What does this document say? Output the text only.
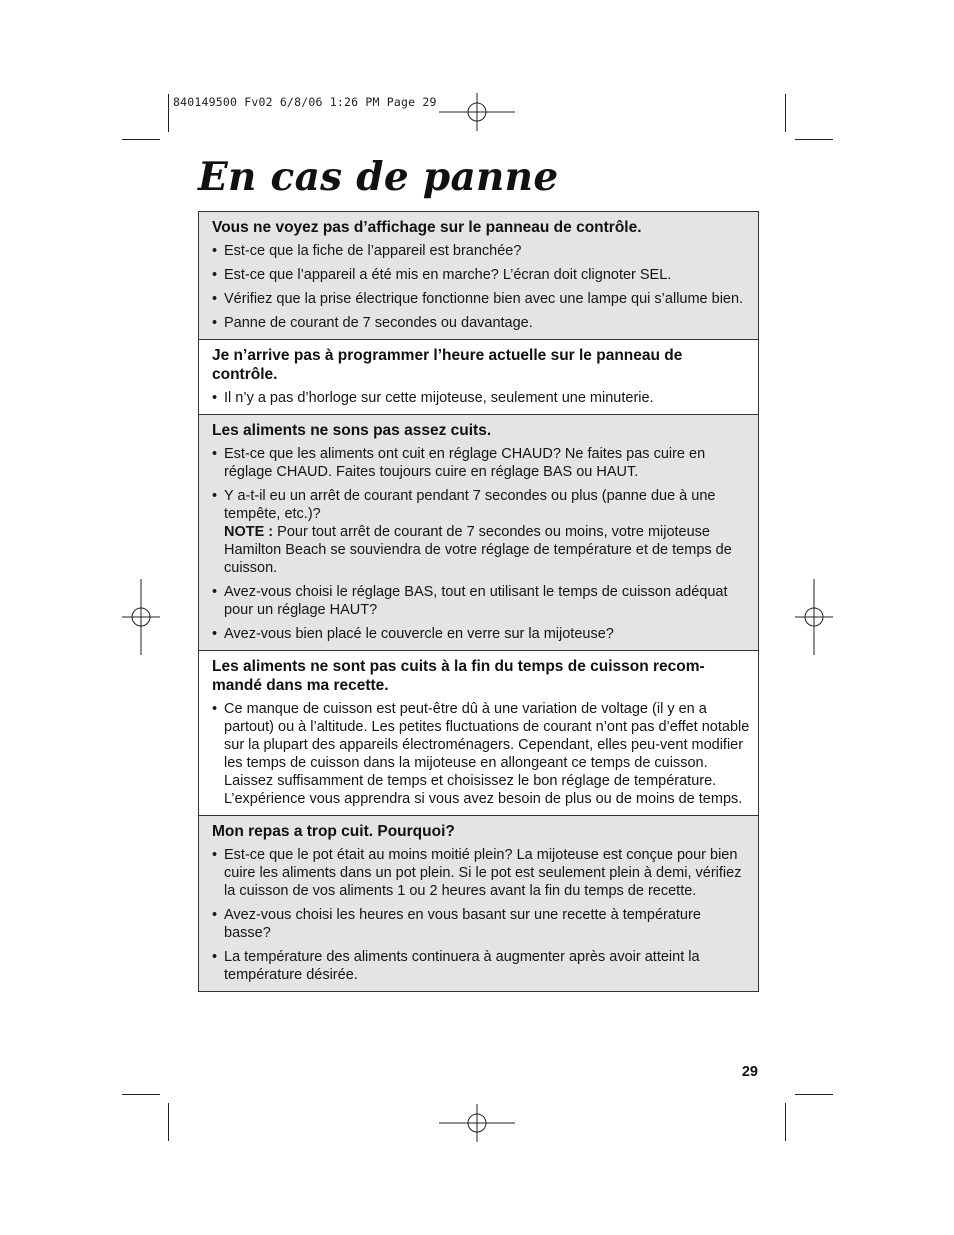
840149500 Fv02 6/8/06 1:26 PM Page 29
En cas de panne
Vous ne voyez pas d’affichage sur le panneau de contrôle.
• Est-ce que la fiche de l’appareil est branchée?
• Est-ce que l’appareil a été mis en marche? L’écran doit clignoter SEL.
• Vérifiez que la prise électrique fonctionne bien avec une lampe qui s’allume bien.
• Panne de courant de 7 secondes ou davantage.
Je n’arrive pas à programmer l’heure actuelle sur le panneau de contrôle.
• Il n’y a pas d’horloge sur cette mijoteuse, seulement une minuterie.
Les aliments ne sons pas assez cuits.
• Est-ce que les aliments ont cuit en réglage CHAUD? Ne faites pas cuire en réglage CHAUD. Faites toujours cuire en réglage BAS ou HAUT.
• Y a-t-il eu un arrêt de courant pendant 7 secondes ou plus (panne due à une tempête, etc.)?
NOTE : Pour tout arrêt de courant de 7 secondes ou moins, votre mijoteuse Hamilton Beach se souviendra de votre réglage de température et de temps de cuisson.
• Avez-vous choisi le réglage BAS, tout en utilisant le temps de cuisson adéquat pour un réglage HAUT?
• Avez-vous bien placé le couvercle en verre sur la mijoteuse?
Les aliments ne sont pas cuits à la fin du temps de cuisson recom-mandé dans ma recette.
• Ce manque de cuisson est peut-être dû à une variation de voltage (il y en a partout) ou à l’altitude. Les petites fluctuations de courant n’ont pas d’effet notable sur la plupart des appareils électroménagers. Cependant, elles peu-vent modifier les temps de cuisson dans la mijoteuse en allongeant ce temps de cuisson. Laissez suffisamment de temps et choisissez le bon réglage de température. L’expérience vous apprendra si vous avez besoin de plus ou de moins de temps.
Mon repas a trop cuit. Pourquoi?
• Est-ce que le pot était au moins moitié plein? La mijoteuse est conçue pour bien cuire les aliments dans un pot plein. Si le pot est seulement plein à demi, vérifiez la cuisson de vos aliments 1 ou 2 heures avant la fin du temps de recette.
• Avez-vous choisi les heures en vous basant sur une recette à température basse?
• La température des aliments continuera à augmenter après avoir atteint la température désirée.
29
